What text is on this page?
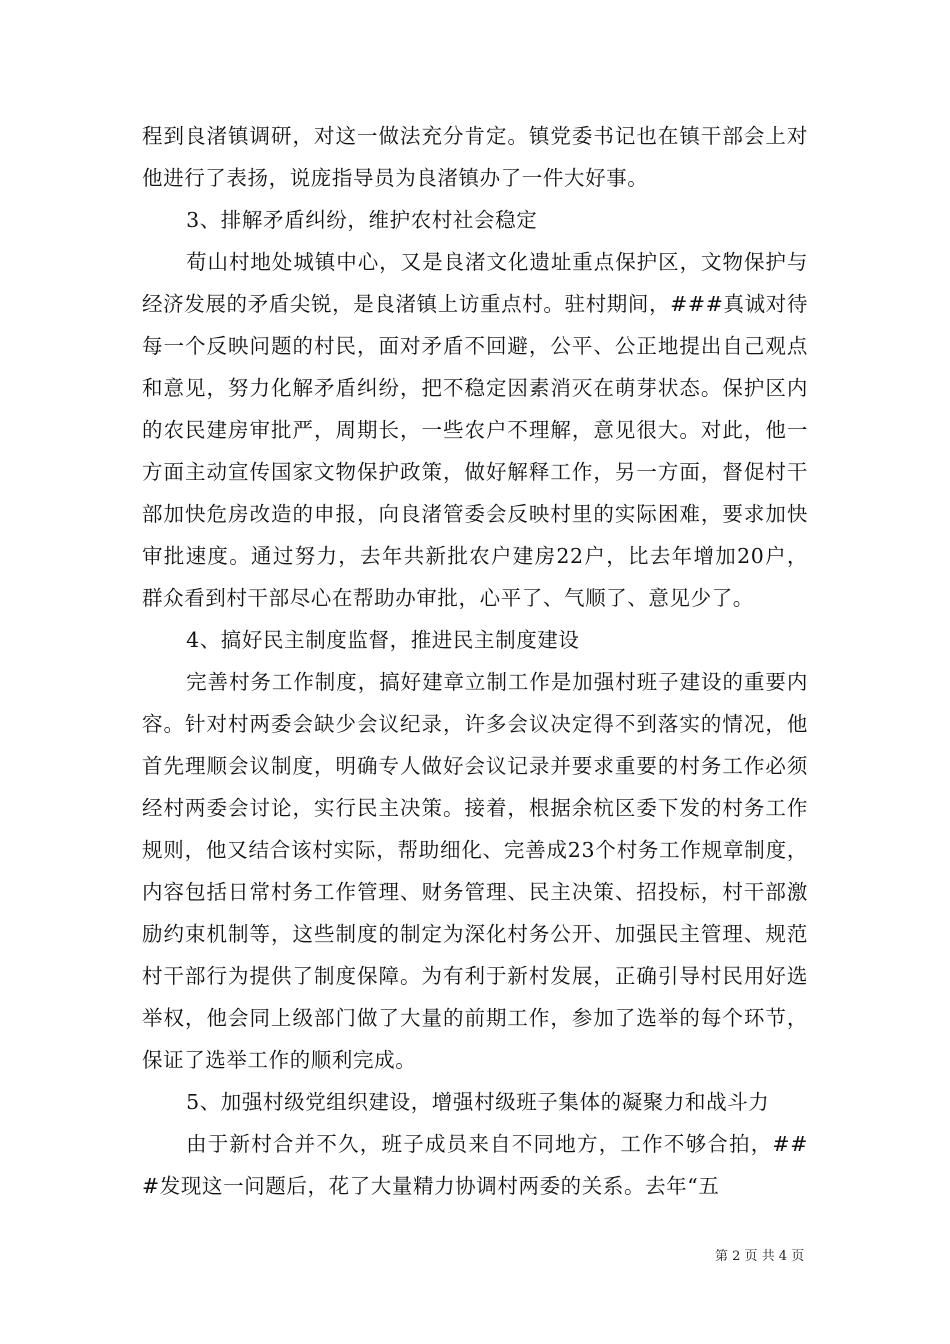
程到良渚镇调研，对这一做法充分肯定。镇党委书记也在镇干部会上对他进行了表扬，说庞指导员为良渚镇办了一件大好事。

3、排解矛盾纠纷，维护农村社会稳定

荀山村地处城镇中心，又是良渚文化遗址重点保护区，文物保护与经济发展的矛盾尖锐，是良渚镇上访重点村。驻村期间，###真诚对待每一个反映问题的村民，面对矛盾不回避，公平、公正地提出自己观点和意见，努力化解矛盾纠纷，把不稳定因素消灭在萌芽状态。保护区内的农民建房审批严，周期长，一些农户不理解，意见很大。对此，他一方面主动宣传国家文物保护政策，做好解释工作，另一方面，督促村干部加快危房改造的申报，向良渚管委会反映村里的实际困难，要求加快审批速度。通过努力，去年共新批农户建房22户，比去年增加20户，群众看到村干部尽心在帮助办审批，心平了、气顺了、意见少了。

4、搞好民主制度监督，推进民主制度建设

完善村务工作制度，搞好建章立制工作是加强村班子建设的重要内容。针对村两委会缺少会议纪录，许多会议决定得不到落实的情况，他首先理顺会议制度，明确专人做好会议记录并要求重要的村务工作必须经村两委会讨论，实行民主决策。接着，根据余杭区委下发的村务工作规则，他又结合该村实际，帮助细化、完善成23个村务工作规章制度，内容包括日常村务工作管理、财务管理、民主决策、招投标，村干部激励约束机制等，这些制度的制定为深化村务公开、加强民主管理、规范村干部行为提供了制度保障。为有利于新村发展，正确引导村民用好选举权，他会同上级部门做了大量的前期工作，参加了选举的每个环节，保证了选举工作的顺利完成。

5、加强村级党组织建设，增强村级班子集体的凝聚力和战斗力

由于新村合并不久，班子成员来自不同地方，工作不够合拍，###发现这一问题后，花了大量精力协调村两委的关系。去年“五

第 2 页 共 4 页
